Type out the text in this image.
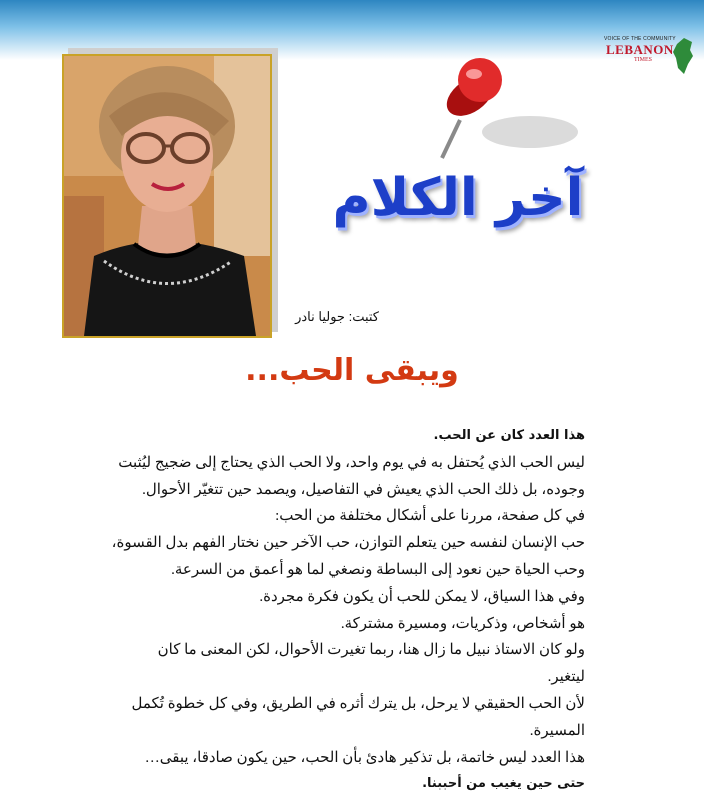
VOICE OF THE COMMUNITY
LEBANON
TIMES
آخر الكلام
كتبت: جوليا نادر
ويبقى الحب...

هذا العدد كان عن الحب.

ليس الحب الذي يُحتفل به في يوم واحد، ولا الحب الذي يحتاج إلى ضجيج ليُثبت

وجوده، بل ذلك الحب الذي يعيش في التفاصيل، ويصمد حين تتغيّر الأحوال.

في كل صفحة، مررنا على أشكال مختلفة من الحب:

حب الإنسان لنفسه حين يتعلم التوازن، حب الآخر حين نختار الفهم بدل القسوة،

وحب الحياة حين نعود إلى البساطة ونصغي لما هو أعمق من السرعة.

وفي هذا السياق، لا يمكن للحب أن يكون فكرة مجردة.

هو أشخاص، وذكريات، ومسيرة مشتركة.

ولو كان الاستاذ نبيل ما زال هنا، ربما تغيرت الأحوال، لكن المعنى ما كان

ليتغير.

لأن الحب الحقيقي لا يرحل، بل يترك أثره في الطريق، وفي كل خطوة تُكمل

المسيرة.

هذا العدد ليس خاتمة، بل تذكير هادئ بأن الحب، حين يكون صادقا، يبقى…

حتى حين يغيب من أحببنا.
